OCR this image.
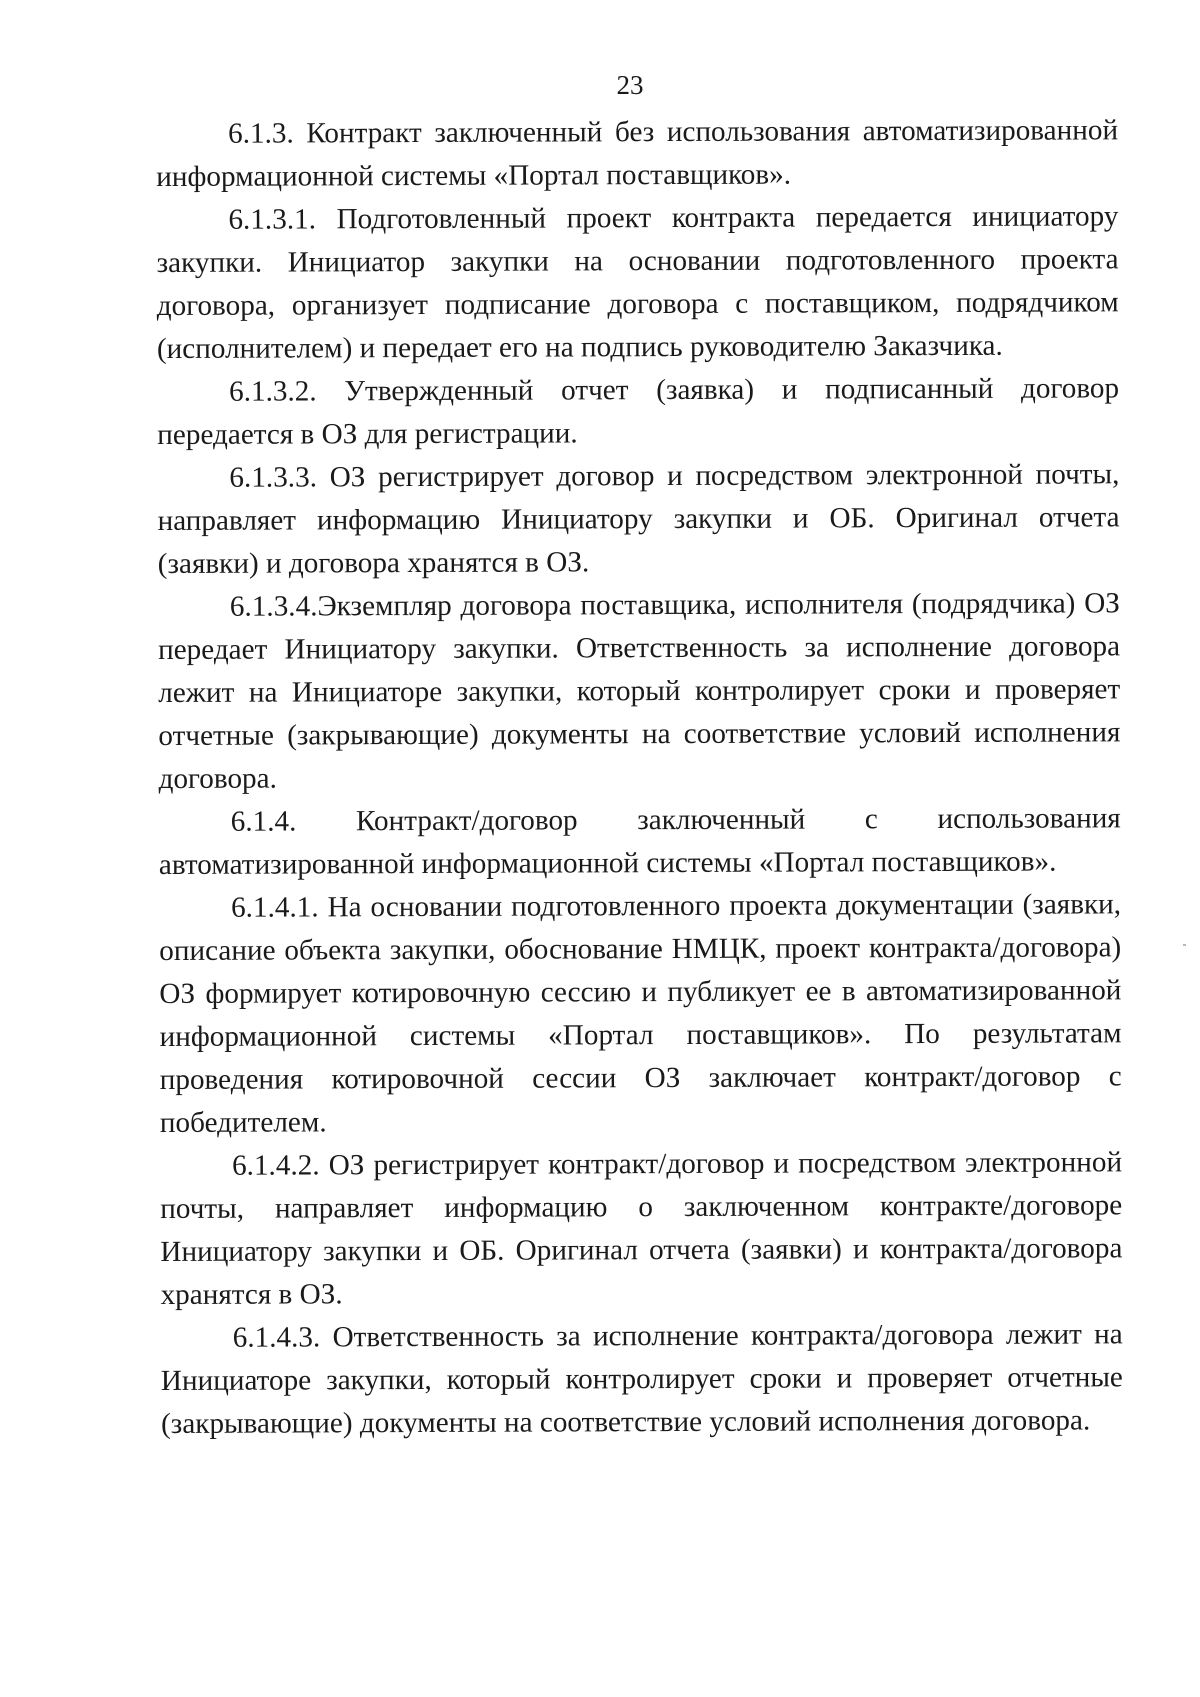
23

6.1.3. Контракт заключенный без использования автоматизированной информационной системы «Портал поставщиков».

6.1.3.1. Подготовленный проект контракта передается инициатору закупки. Инициатор закупки на основании подготовленного проекта договора, организует подписание договора с поставщиком, подрядчиком (исполнителем) и передает его на подпись руководителю Заказчика.

6.1.3.2. Утвержденный отчет (заявка) и подписанный договор передается в ОЗ для регистрации.

6.1.3.3. ОЗ регистрирует договор и посредством электронной почты, направляет информацию Инициатору закупки и ОБ. Оригинал отчета (заявки) и договора хранятся в ОЗ.

6.1.3.4.Экземпляр договора поставщика, исполнителя (подрядчика) ОЗ передает Инициатору закупки. Ответственность за исполнение договора лежит на Инициаторе закупки, который контролирует сроки и проверяет отчетные (закрывающие) документы на соответствие условий исполнения договора.

6.1.4. Контракт/договор заключенный с использования автоматизированной информационной системы «Портал поставщиков».

6.1.4.1. На основании подготовленного проекта документации (заявки, описание объекта закупки, обоснование НМЦК, проект контракта/договора) ОЗ формирует котировочную сессию и публикует ее в автоматизированной информационной системы «Портал поставщиков». По результатам проведения котировочной сессии ОЗ заключает контракт/договор с победителем.

6.1.4.2. ОЗ регистрирует контракт/договор и посредством электронной почты, направляет информацию о заключенном контракте/договоре Инициатору закупки и ОБ. Оригинал отчета (заявки) и контракта/договора хранятся в ОЗ.

6.1.4.3. Ответственность за исполнение контракта/договора лежит на Инициаторе закупки, который контролирует сроки и проверяет отчетные (закрывающие) документы на соответствие условий исполнения договора.
